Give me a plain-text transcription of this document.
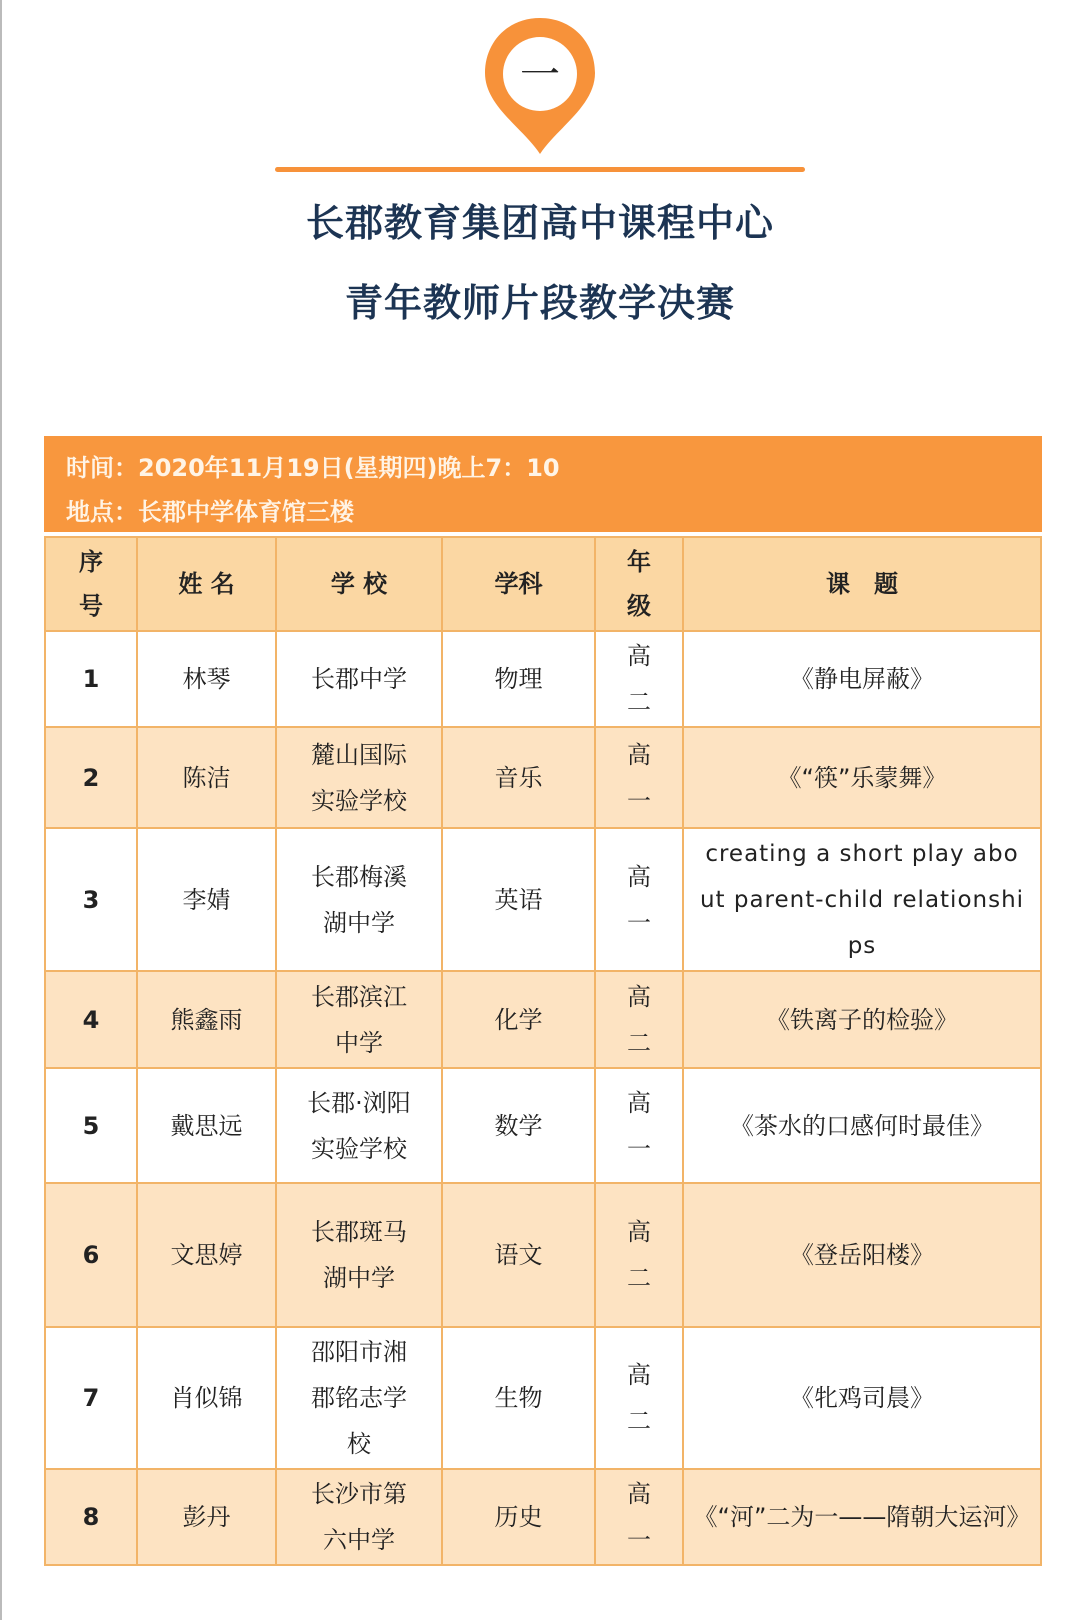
一
长郡教育集团高中课程中心
青年教师片段教学决赛
时间：2020年11月19日(星期四)晚上7：10
地点：长郡中学体育馆三楼
序号	姓 名	学 校	学科	年级	课　题
1	林琴	长郡中学	物理	高二	《静电屏蔽》
2	陈洁	麓山国际实验学校	音乐	高一	《“筷”乐蒙舞》
3	李婧	长郡梅溪湖中学	英语	高一	creating a short play about parent-child relationships
4	熊鑫雨	长郡滨江中学	化学	高二	《铁离子的检验》
5	戴思远	长郡·浏阳实验学校	数学	高一	《茶水的口感何时最佳》
6	文思婷	长郡斑马湖中学	语文	高二	《登岳阳楼》
7	肖似锦	邵阳市湘郡铭志学校	生物	高二	《牝鸡司晨》
8	彭丹	长沙市第六中学	历史	高一	《“河”二为一——隋朝大运河》
